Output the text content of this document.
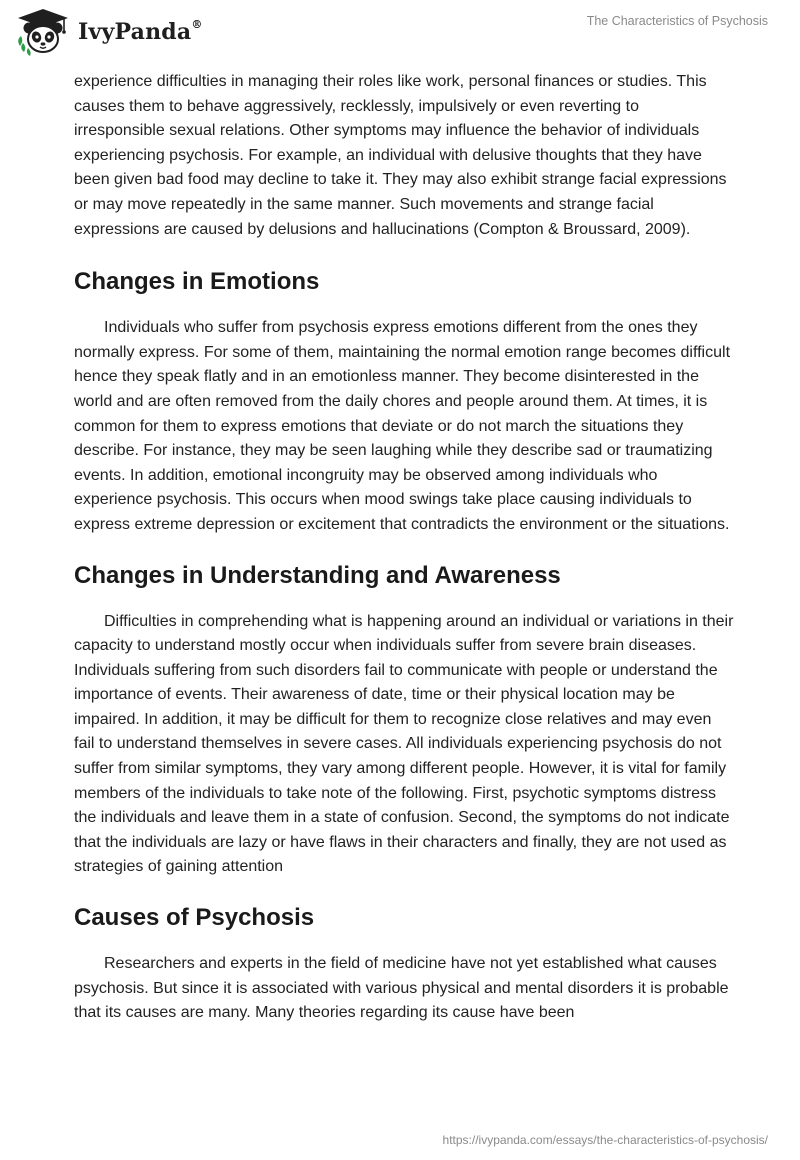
IvyPanda®	The Characteristics of Psychosis

experience difficulties in managing their roles like work, personal finances or studies. This causes them to behave aggressively, recklessly, impulsively or even reverting to irresponsible sexual relations. Other symptoms may influence the behavior of individuals experiencing psychosis. For example, an individual with delusive thoughts that they have been given bad food may decline to take it. They may also exhibit strange facial expressions or may move repeatedly in the same manner. Such movements and strange facial expressions are caused by delusions and hallucinations (Compton & Broussard, 2009).

Changes in Emotions

Individuals who suffer from psychosis express emotions different from the ones they normally express. For some of them, maintaining the normal emotion range becomes difficult hence they speak flatly and in an emotionless manner. They become disinterested in the world and are often removed from the daily chores and people around them. At times, it is common for them to express emotions that deviate or do not march the situations they describe. For instance, they may be seen laughing while they describe sad or traumatizing events. In addition, emotional incongruity may be observed among individuals who experience psychosis. This occurs when mood swings take place causing individuals to express extreme depression or excitement that contradicts the environment or the situations.

Changes in Understanding and Awareness

Difficulties in comprehending what is happening around an individual or variations in their capacity to understand mostly occur when individuals suffer from severe brain diseases. Individuals suffering from such disorders fail to communicate with people or understand the importance of events. Their awareness of date, time or their physical location may be impaired. In addition, it may be difficult for them to recognize close relatives and may even fail to understand themselves in severe cases. All individuals experiencing psychosis do not suffer from similar symptoms, they vary among different people. However, it is vital for family members of the individuals to take note of the following. First, psychotic symptoms distress the individuals and leave them in a state of confusion. Second, the symptoms do not indicate that the individuals are lazy or have flaws in their characters and finally, they are not used as strategies of gaining attention

Causes of Psychosis

Researchers and experts in the field of medicine have not yet established what causes psychosis. But since it is associated with various physical and mental disorders it is probable that its causes are many. Many theories regarding its cause have been

https://ivypanda.com/essays/the-characteristics-of-psychosis/
